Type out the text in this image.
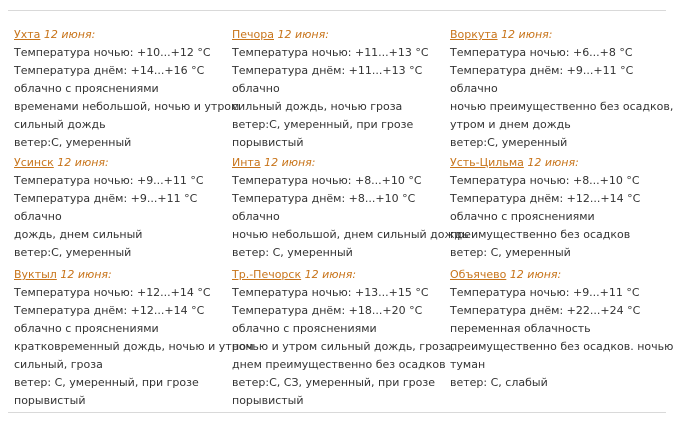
Ухта 12 июня:
Температура ночью: +10...+12 °C
Температура днём: +14...+16 °C
облачно с прояснениями
временами небольшой, ночью и утром
сильный дождь
ветер:С, умеренный
Печора 12 июня:
Температура ночью: +11...+13 °C
Температура днём: +11...+13 °C
облачно
сильный дождь, ночью гроза
ветер:С, умеренный, при грозе
порывистый
Воркута 12 июня:
Температура ночью: +6...+8 °C
Температура днём: +9...+11 °C
облачно
ночью преимущественно без осадков,
утром и днем дождь
ветер:С, умеренный
Усинск 12 июня:
Температура ночью: +9...+11 °C
Температура днём: +9...+11 °C
облачно
дождь, днем сильный
ветер:С, умеренный
Инта 12 июня:
Температура ночью: +8...+10 °C
Температура днём: +8...+10 °C
облачно
ночью небольшой, днем сильный дождь
ветер: С, умеренный
Усть-Цильма 12 июня:
Температура ночью: +8...+10 °C
Температура днём: +12...+14 °C
облачно с прояснениями
преимущественно без осадков
ветер: С, умеренный
Вуктыл 12 июня:
Температура ночью: +12...+14 °C
Температура днём: +12...+14 °C
облачно с прояснениями
кратковременный дождь, ночью и утром
сильный, гроза
ветер: С, умеренный, при грозе
порывистый
Тр.-Печорск 12 июня:
Температура ночью: +13...+15 °C
Температура днём: +18...+20 °C
облачно с прояснениями
ночью и утром сильный дождь, гроза,
днем преимущественно без осадков
ветер:С, СЗ, умеренный, при грозе
порывистый
Объячево 12 июня:
Температура ночью: +9...+11 °C
Температура днём: +22...+24 °C
переменная облачность
преимущественно без осадков. ночью
туман
ветер: С, слабый
